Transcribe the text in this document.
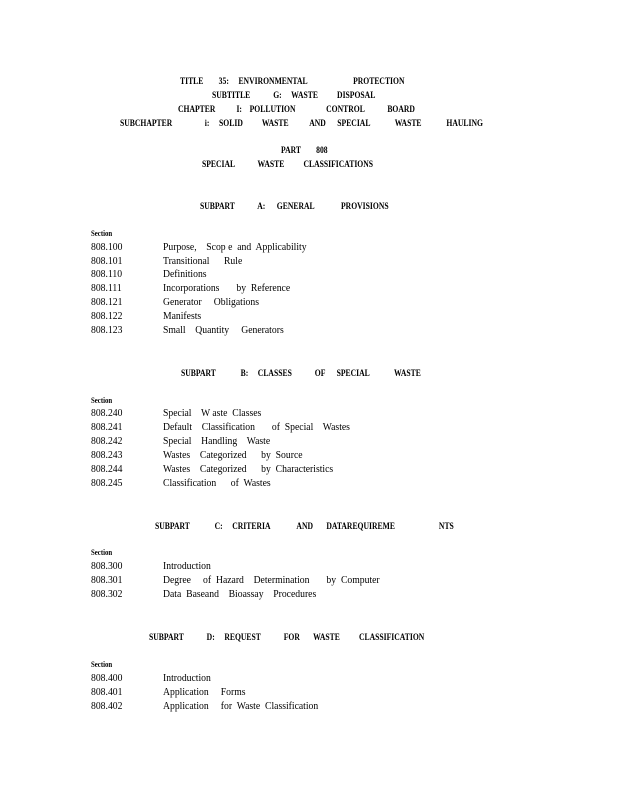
TITLE        35:     ENVIRONMENTAL                        PROTECTION
SUBTITLE            G:     WASTE          DISPOSAL
CHAPTER           I:    POLLUTION                CONTROL            BOARD
SUBCHAPTER                 i:     SOLID          WASTE           AND      SPECIAL             WASTE             HAULING
PART        808
SPECIAL            WASTE          CLASSIFICATIONS
SUBPART            A:      GENERAL              PROVISIONS
Section
808.100	Purpose,    Scop e  and  Applicability
808.101	Transitional      Rule
808.110	Definitions
808.111	Incorporations       by  Reference
808.121	Generator     Obligations
808.122	Manifests
808.123	Small    Quantity     Generators
SUBPART             B:     CLASSES            OF      SPECIAL             WASTE
Section
808.240	Special    W aste  Classes
808.241	Default    Classification       of  Special    Wastes
808.242	Special    Handling    Waste
808.243	Wastes    Categorized      by  Source
808.244	Wastes    Categorized      by  Characteristics
808.245	Classification      of  Wastes
SUBPART             C:     CRITERIA              AND       DATAREQUIREME                       NTS
Section
808.300	Introduction
808.301	Degree     of  Hazard    Determination       by  Computer
808.302	Data  Baseand    Bioassay    Procedures
SUBPART            D:     REQUEST            FOR       WASTE          CLASSIFICATION
Section
808.400	Introduction
808.401	Application     Forms
808.402	Application     for  Waste  Classification
